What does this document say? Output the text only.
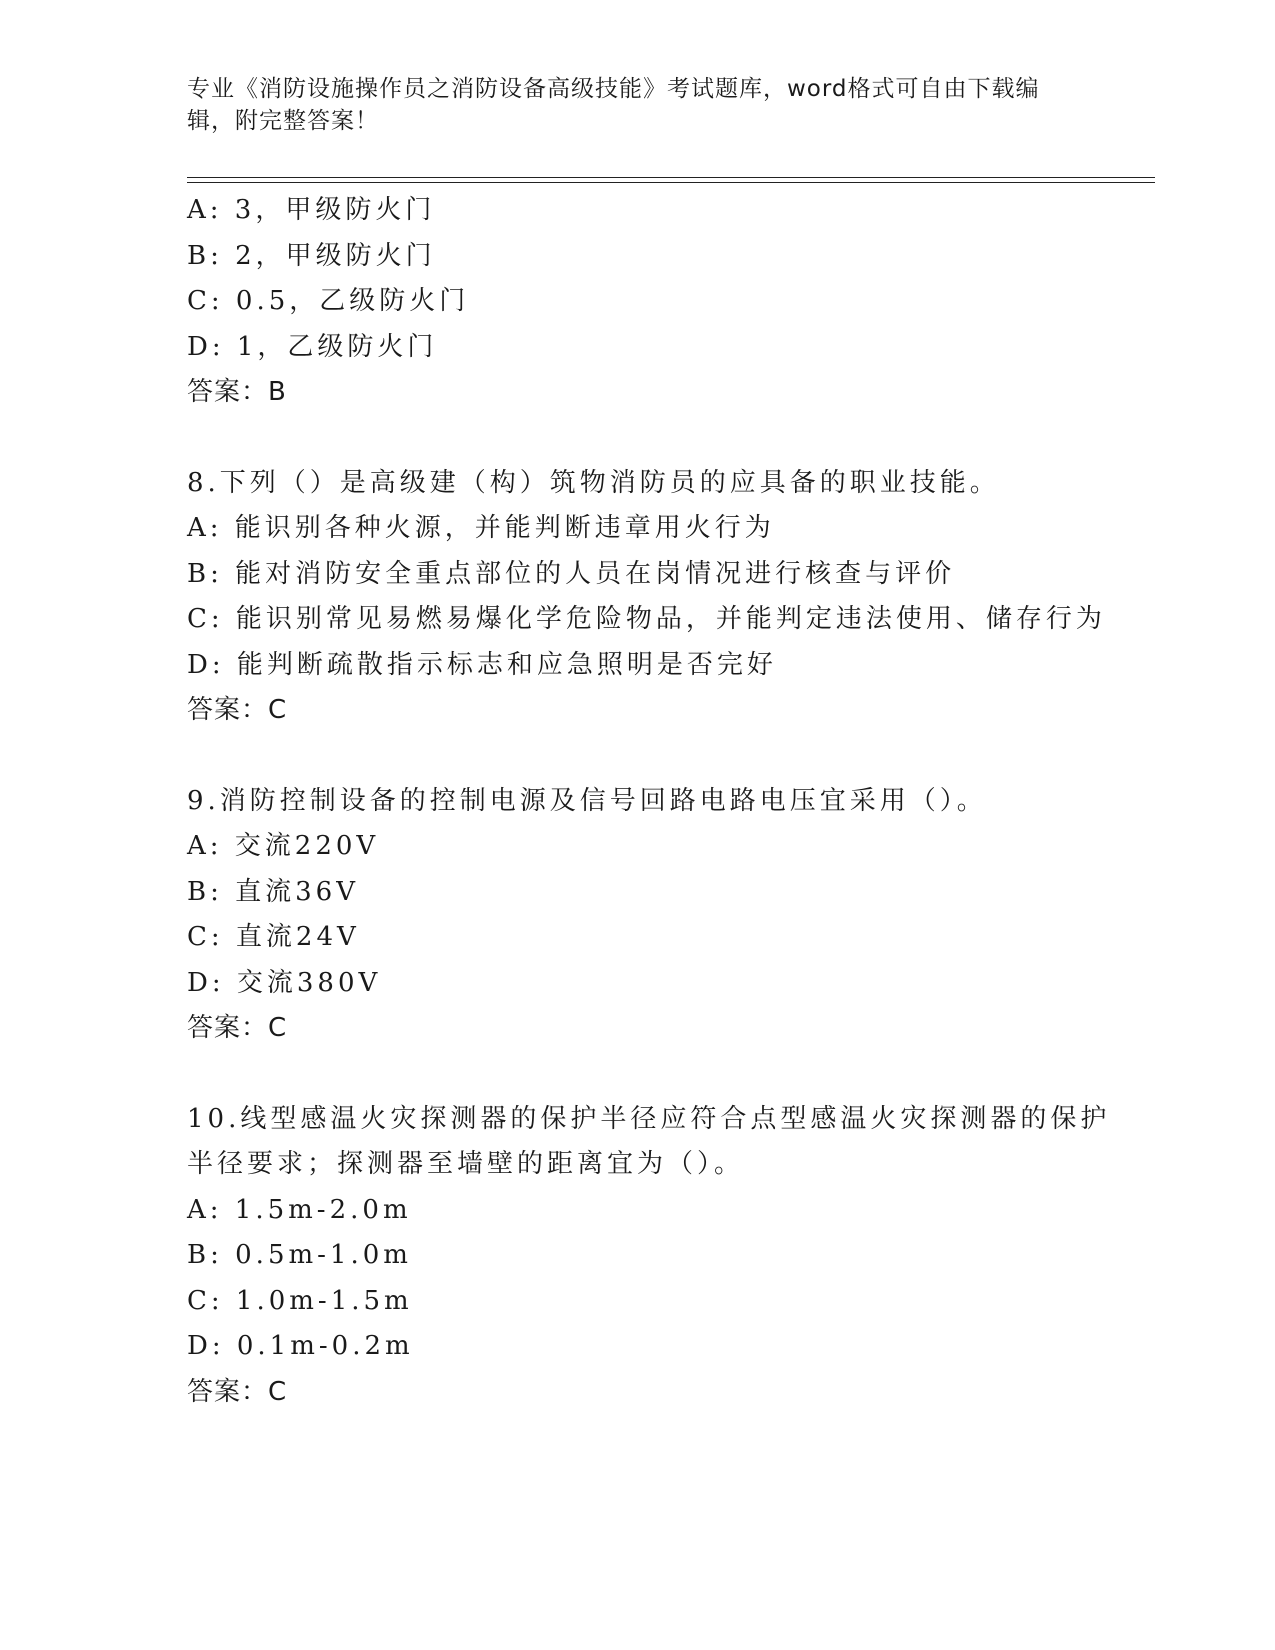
专业《消防设施操作员之消防设备高级技能》考试题库，word格式可自由下载编
辑，附完整答案！
A: 3，甲级防火门
B: 2，甲级防火门
C: 0.5，乙级防火门
D: 1，乙级防火门
答案：B
8.下列（）是高级建（构）筑物消防员的应具备的职业技能。
A: 能识别各种火源，并能判断违章用火行为
B: 能对消防安全重点部位的人员在岗情况进行核查与评价
C: 能识别常见易燃易爆化学危险物品，并能判定违法使用、储存行为
D: 能判断疏散指示标志和应急照明是否完好
答案：C
9.消防控制设备的控制电源及信号回路电路电压宜采用（）。
A: 交流220V
B: 直流36V
C: 直流24V
D: 交流380V
答案：C
10.线型感温火灾探测器的保护半径应符合点型感温火灾探测器的保护
半径要求；探测器至墙壁的距离宜为（）。
A: 1.5m-2.0m
B: 0.5m-1.0m
C: 1.0m-1.5m
D: 0.1m-0.2m
答案：C
